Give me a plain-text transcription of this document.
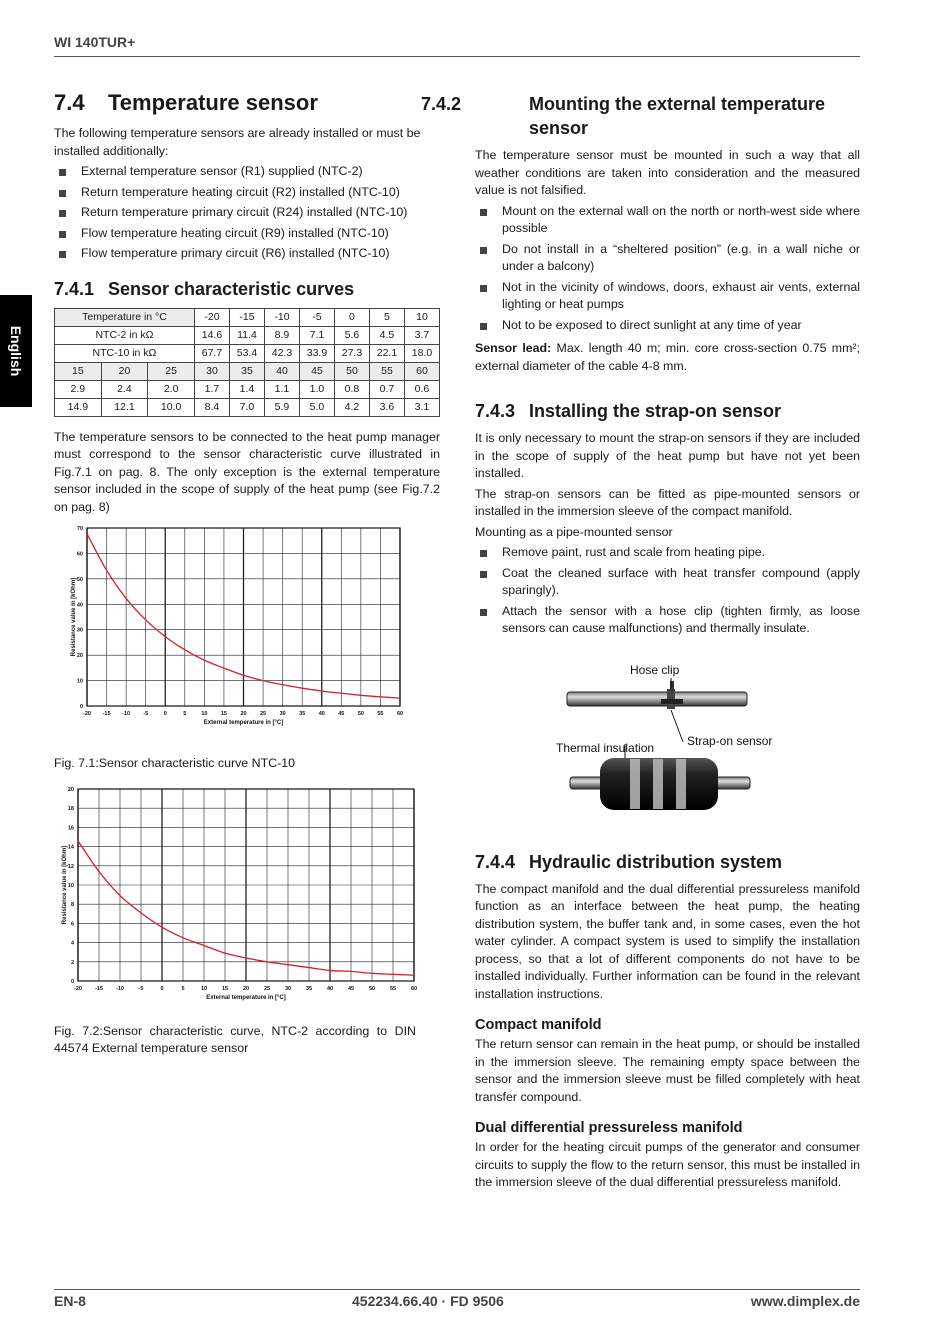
WI 140TUR+
English
7.4 Temperature sensor

The following temperature sensors are already installed or must be installed additionally:

External temperature sensor (R1) supplied (NTC-2)
Return temperature heating circuit (R2) installed (NTC-10)
Return temperature primary circuit (R24) installed (NTC-10)
Flow temperature heating circuit (R9) installed (NTC-10)
Flow temperature primary circuit (R6) installed (NTC-10)
7.4.1 Sensor characteristic curves
Temperature in °C			-20	-15	-10	-5	0	5	10
NTC-2 in kΩ			14.6	11.4	8.9	7.1	5.6	4.5	3.7
NTC-10 in kΩ			67.7	53.4	42.3	33.9	27.3	22.1	18.0
15	20	25	30	35	40	45	50	55	60
2.9	2.4	2.0	1.7	1.4	1.1	1.0	0.8	0.7	0.6
14.9	12.1	10.0	8.4	7.0	5.9	5.0	4.2	3.6	3.1

The temperature sensors to be connected to the heat pump manager must correspond to the sensor characteristic curve illustrated in Fig.7.1 on pag. 8. The only exception is the external temperature sensor included in the scope of supply of the heat pump (see Fig.7.2 on pag. 8)

-20 -15 -10 -5	0	5	10 15 20 25 30 35 40 45 50 55 60
0
10
20
30
40
50
60
70
External temperature in [°C]
Resistance value in [kOhm]
Fig. 7.1:Sensor characteristic curve NTC-10
-20 -15 -10	-5	0	5	10	15	20	25	30	35	40	45	50	55	60
0
2
4
6
8
10
12
14
16
18
20
External temperature in [°C]
Resistance value in [kOhm]
Fig. 7.2:Sensor characteristic curve, NTC-2 according to DIN 44574 External temperature sensor
7.4.2	Mounting the external temperature sensor

The temperature sensor must be mounted in such a way that all weather conditions are taken into consideration and the measured value is not falsified.

Mount on the external wall on the north or north-west side where possible
Do not install in a “sheltered position” (e.g. in a wall niche or under a balcony)
Not in the vicinity of windows, doors, exhaust air vents, external lighting or heat pumps
Not to be exposed to direct sunlight at any time of year

Sensor lead: Max. length 40 m; min. core cross-section 0.75 mm²; external diameter of the cable 4-8 mm.

7.4.3 Installing the strap-on sensor

It is only necessary to mount the strap-on sensors if they are included in the scope of supply of the heat pump but have not yet been installed.

The strap-on sensors can be fitted as pipe-mounted sensors or installed in the immersion sleeve of the compact manifold.

Mounting as a pipe-mounted sensor

Remove paint, rust and scale from heating pipe.
Coat the cleaned surface with heat transfer compound (apply sparingly).
Attach the sensor with a hose clip (tighten firmly, as loose sensors can cause malfunctions) and thermally insulate.
Hose clip
Thermal insulation	Strap-on sensor
7.4.4 Hydraulic distribution system

The compact manifold and the dual differential pressureless manifold function as an interface between the heat pump, the heating distribution system, the buffer tank and, in some cases, even the hot water cylinder. A compact system is used to simplify the installation process, so that a lot of different components do not have to be installed individually. Further information can be found in the relevant installation instructions.

Compact manifold

The return sensor can remain in the heat pump, or should be installed in the immersion sleeve. The remaining empty space between the sensor and the immersion sleeve must be filled completely with heat transfer compound.

Dual differential pressureless manifold

In order for the heating circuit pumps of the generator and consumer circuits to supply the flow to the return sensor, this must be installed in the immersion sleeve of the dual differential pressureless manifold.

EN-8	452234.66.40 · FD 9506	www.dimplex.de
